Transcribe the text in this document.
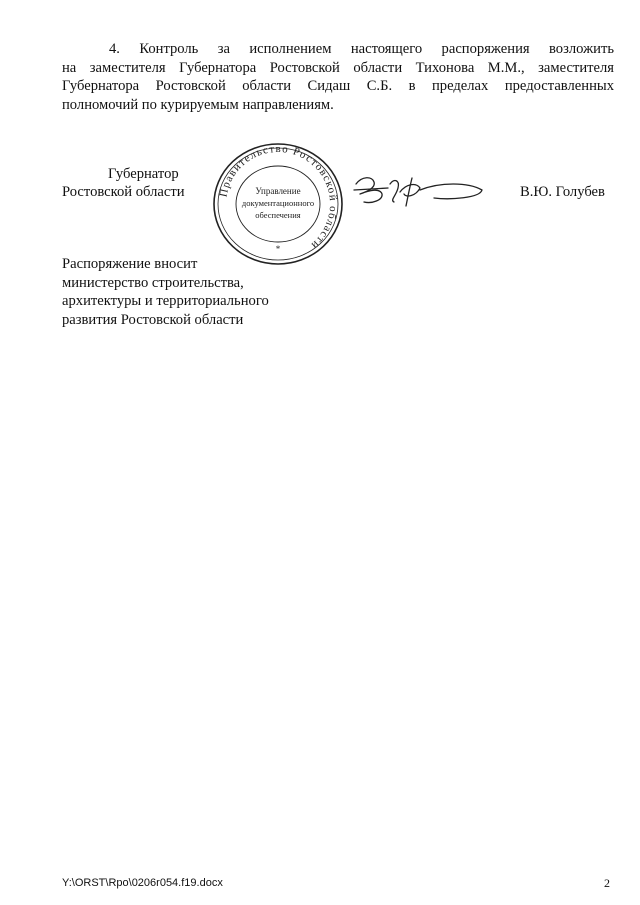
4. Контроль за исполнением настоящего распоряжения возложить
на заместителя Губернатора Ростовской области Тихонова М.М., заместителя
Губернатора Ростовской области Сидаш С.Б. в пределах предоставленных
полномочий по курируемым направлениям.
Губернатор
Ростовской области	Правительство Ростовской области
Управление
документационного
обеспечения
*
В.Ю. Голубев
Распоряжение вносит
министерство строительства,
архитектуры и территориального
развития Ростовской области
Y:\ORST\Rpo\0206r054.f19.docx	2
